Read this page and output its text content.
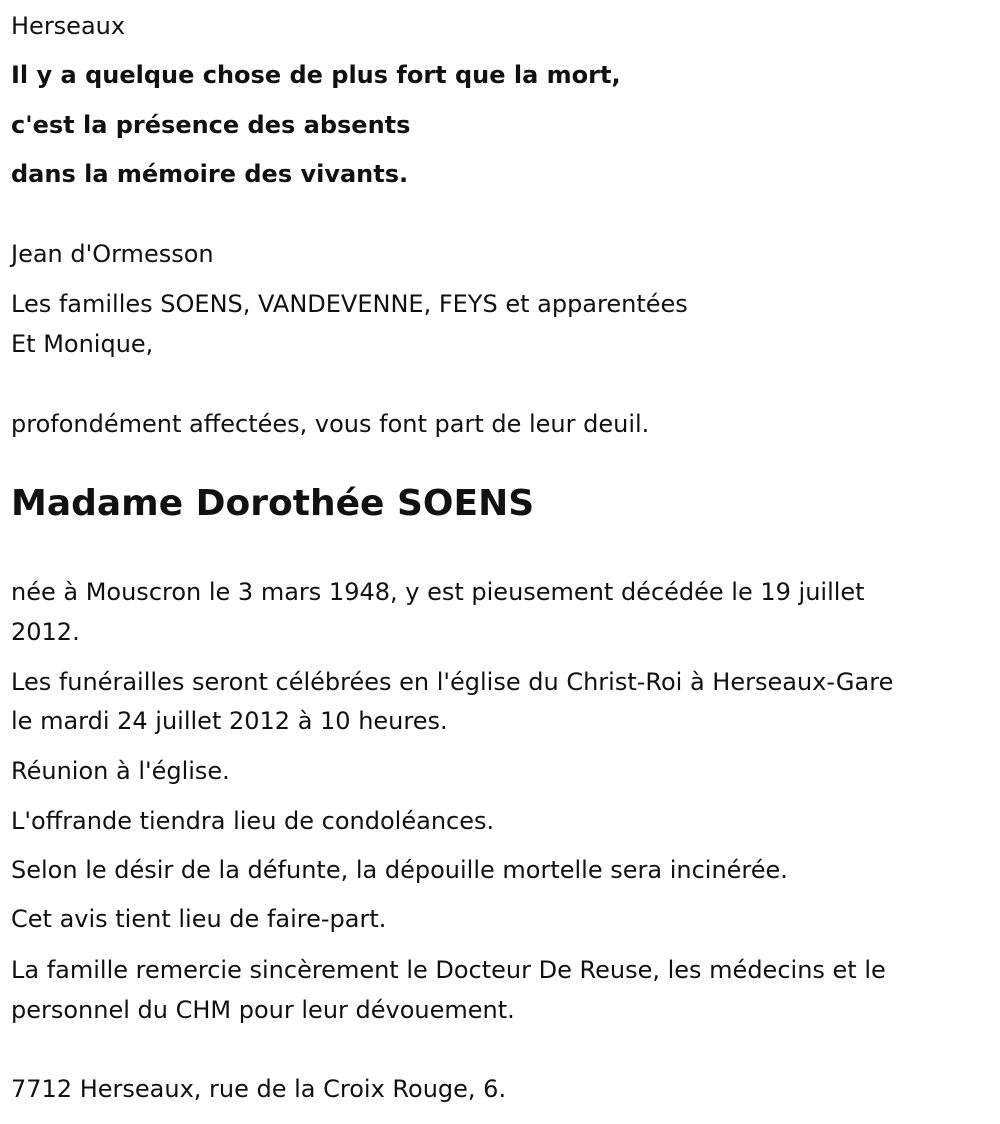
Herseaux

Il y a quelque chose de plus fort que la mort,

c'est la présence des absents

dans la mémoire des vivants.

Jean d'Ormesson

Les familles SOENS, VANDEVENNE, FEYS et apparentées

Et Monique,

profondément affectées, vous font part de leur deuil.

Madame Dorothée SOENS

née à Mouscron le 3 mars 1948, y est pieusement décédée le 19 juillet

2012.

Les funérailles seront célébrées en l'église du Christ-Roi à Herseaux-Gare

le mardi 24 juillet 2012 à 10 heures.

Réunion à l'église.

L'offrande tiendra lieu de condoléances.

Selon le désir de la défunte, la dépouille mortelle sera incinérée.

Cet avis tient lieu de faire-part.

La famille remercie sincèrement le Docteur De Reuse, les médecins et le

personnel du CHM pour leur dévouement.

7712 Herseaux, rue de la Croix Rouge, 6.
